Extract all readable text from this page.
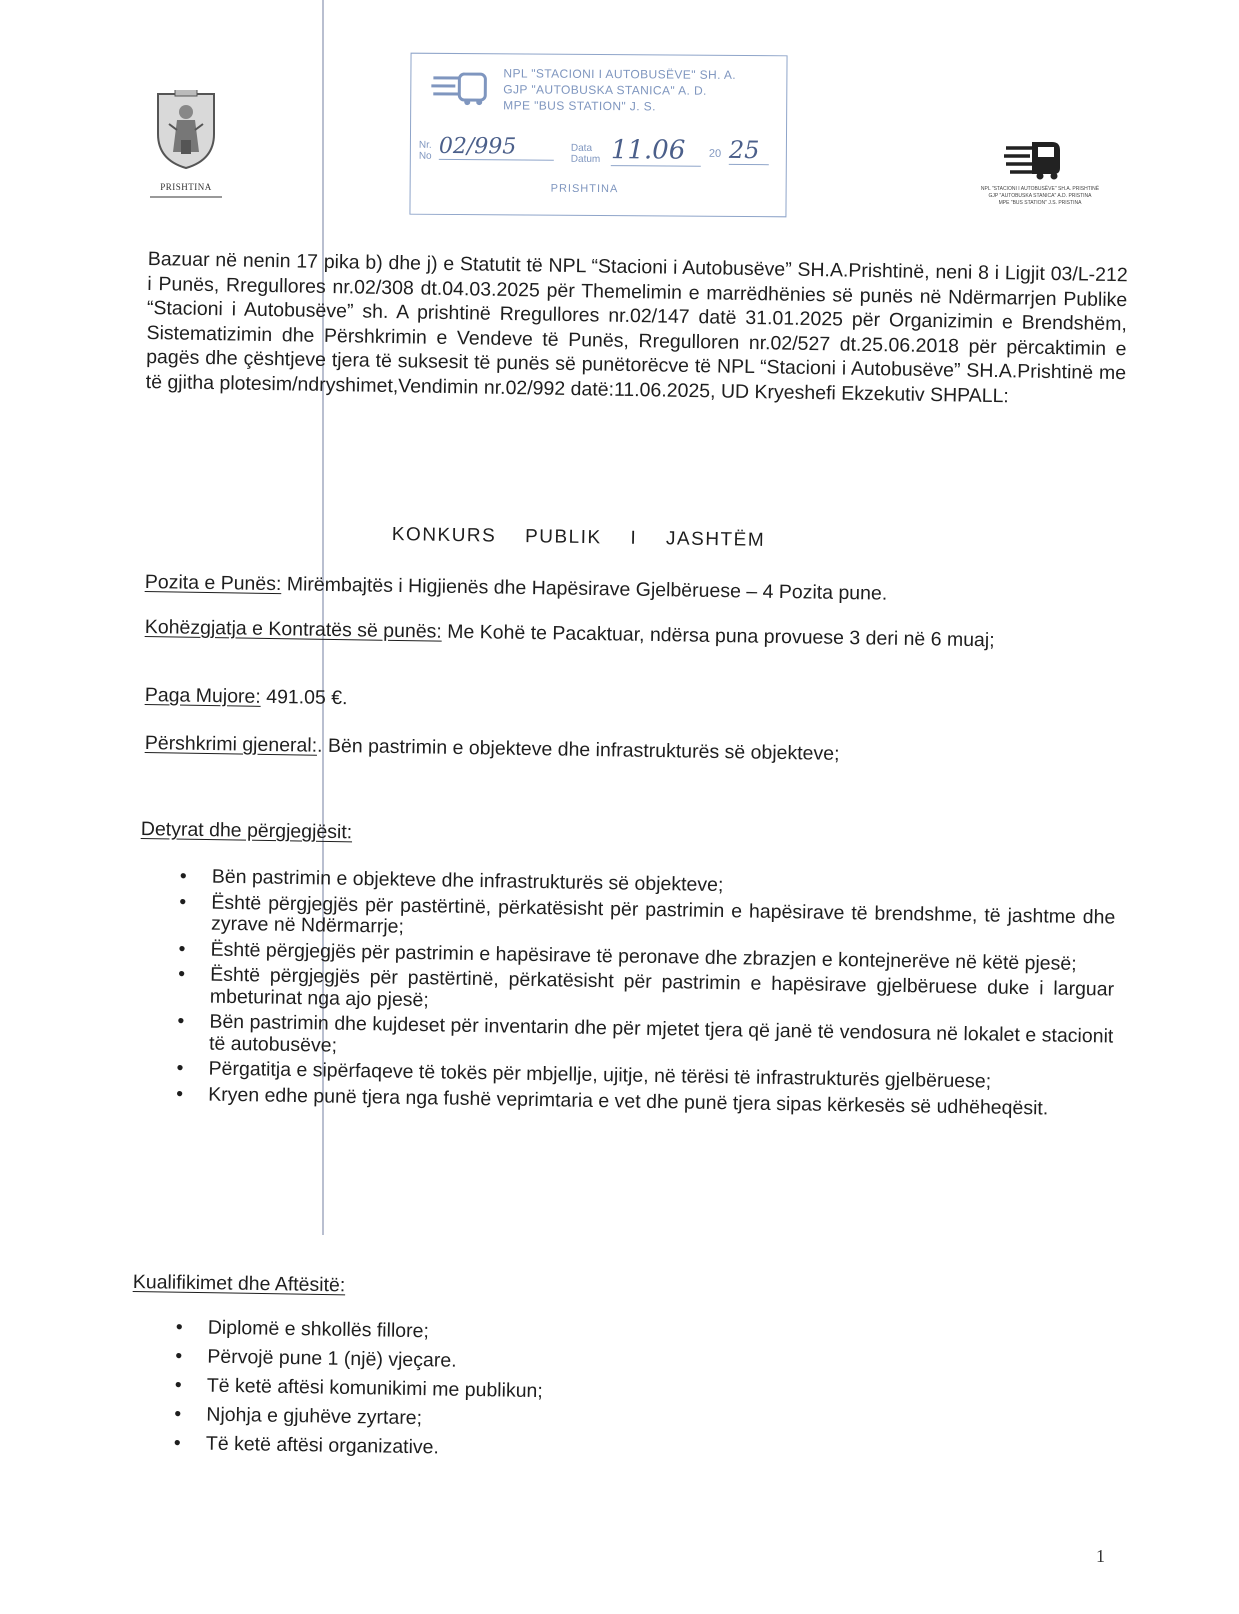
PRISHTINA
NPL "STACIONI I AUTOBUSËVE" SH. A.
GJP "AUTOBUSKA STANICA" A. D.
MPE "BUS STATION" J. S.
Nr.
No 02/995	Data
Datum 11.06	20 25
PRISHTINA	NPL "STACIONI I AUTOBUSËVE" SH.A. PRISHTINË
GJP "AUTOBUSKA STANICA" A.D. PRISTINA
MPE "BUS STATION" J.S. PRISTINA
Bazuar në nenin 17 pika b) dhe j) e Statutit të NPL “Stacioni i Autobusëve” SH.A.Prishtinë, neni 8 i Ligjit 03/L-212 i Punës, Rregullores nr.02/308 dt.04.03.2025 për Themelimin e marrëdhënies së punës në Ndërmarrjen Publike “Stacioni i Autobusëve” sh. A prishtinë Rregullores nr.02/147 datë 31.01.2025 për Organizimin e Brendshëm, Sistematizimin dhe Përshkrimin e Vendeve të Punës, Rregulloren nr.02/527 dt.25.06.2018 për përcaktimin e pagës dhe çështjeve tjera të suksesit të punës së punëtorëcve të NPL “Stacioni i Autobusëve” SH.A.Prishtinë me të gjitha plotesim/ndryshimet,Vendimin nr.02/992 datë:11.06.2025, UD Kryeshefi Ekzekutiv SHPALL:
KONKURS PUBLIK I JASHTËM
Pozita e Punës: Mirëmbajtës i Higjienës dhe Hapësirave Gjelbëruese – 4 Pozita pune.
Kohëzgjatja e Kontratës së punës: Me Kohë te Pacaktuar, ndërsa puna provuese 3 deri në 6 muaj;
Paga Mujore: 491.05 €.
Përshkrimi gjeneral:. Bën pastrimin e objekteve dhe infrastrukturës së objekteve;
Detyrat dhe përgjegjësit:
• Bën pastrimin e objekteve dhe infrastrukturës së objekteve;
• Është përgjegjës për pastërtinë, përkatësisht për pastrimin e hapësirave të brendshme, të jashtme dhe zyrave në Ndërmarrje;
• Është përgjegjës për pastrimin e hapësirave të peronave dhe zbrazjen e kontejnerëve në këtë pjesë;
• Është përgjegjës për pastërtinë, përkatësisht për pastrimin e hapësirave gjelbëruese duke i larguar mbeturinat nga ajo pjesë;
• Bën pastrimin dhe kujdeset për inventarin dhe për mjetet tjera që janë të vendosura në lokalet e stacionit të autobusëve;
• Përgatitja e sipërfaqeve të tokës për mbjellje, ujitje, në tërësi të infrastrukturës gjelbëruese;
• Kryen edhe punë tjera nga fushë veprimtaria e vet dhe punë tjera sipas kërkesës së udhëheqësit.
Kualifikimet dhe Aftësitë:
• Diplomë e shkollës fillore;
• Përvojë pune 1 (një) vjeçare.
• Të ketë aftësi komunikimi me publikun;
• Njohja e gjuhëve zyrtare;
• Të ketë aftësi organizative.
1
